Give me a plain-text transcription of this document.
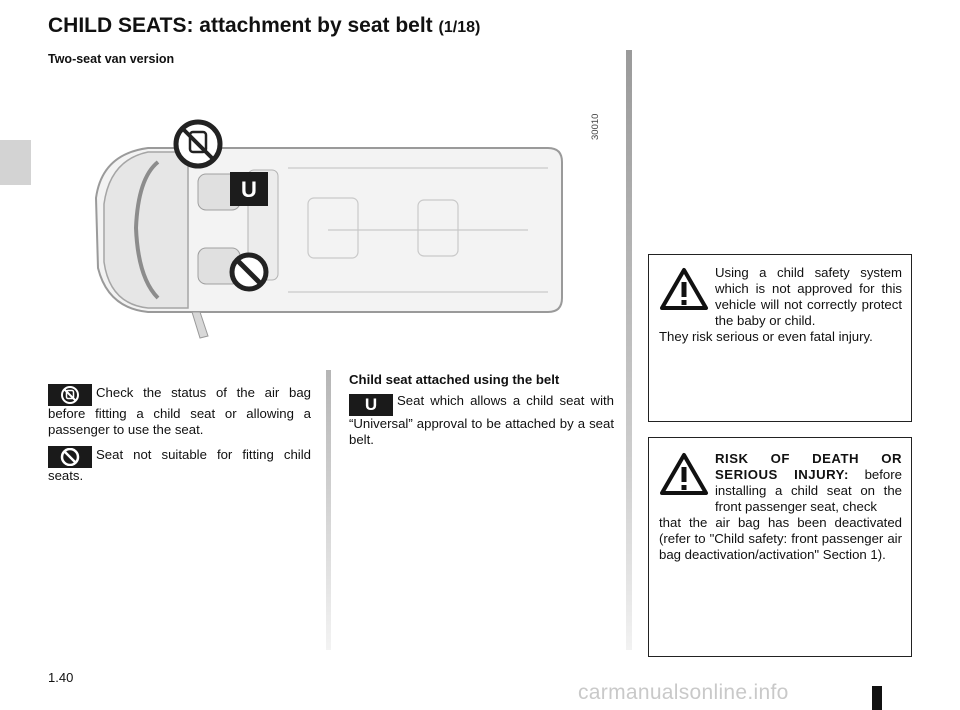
CHILD SEATS: attachment by seat belt (1/18)
Two-seat van version
30010
U
Check the status of the air bag before fitting a child seat or allowing a passenger to use the seat.
Seat not suitable for fitting child seats.
Child seat attached using the belt
U Seat which allows a child seat with “Universal” approval to be attached by a seat belt.
Using a child safety system which is not approved for this vehicle will not correctly protect the baby or child.
They risk serious or even fatal injury.
RISK OF DEATH OR SERIOUS INJURY: before installing a child seat on the front passenger seat, check
that the air bag has been deactivated (refer to "Child safety: front passenger air bag deactivation/activation" Section 1).
1.40
carmanualsonline.info
